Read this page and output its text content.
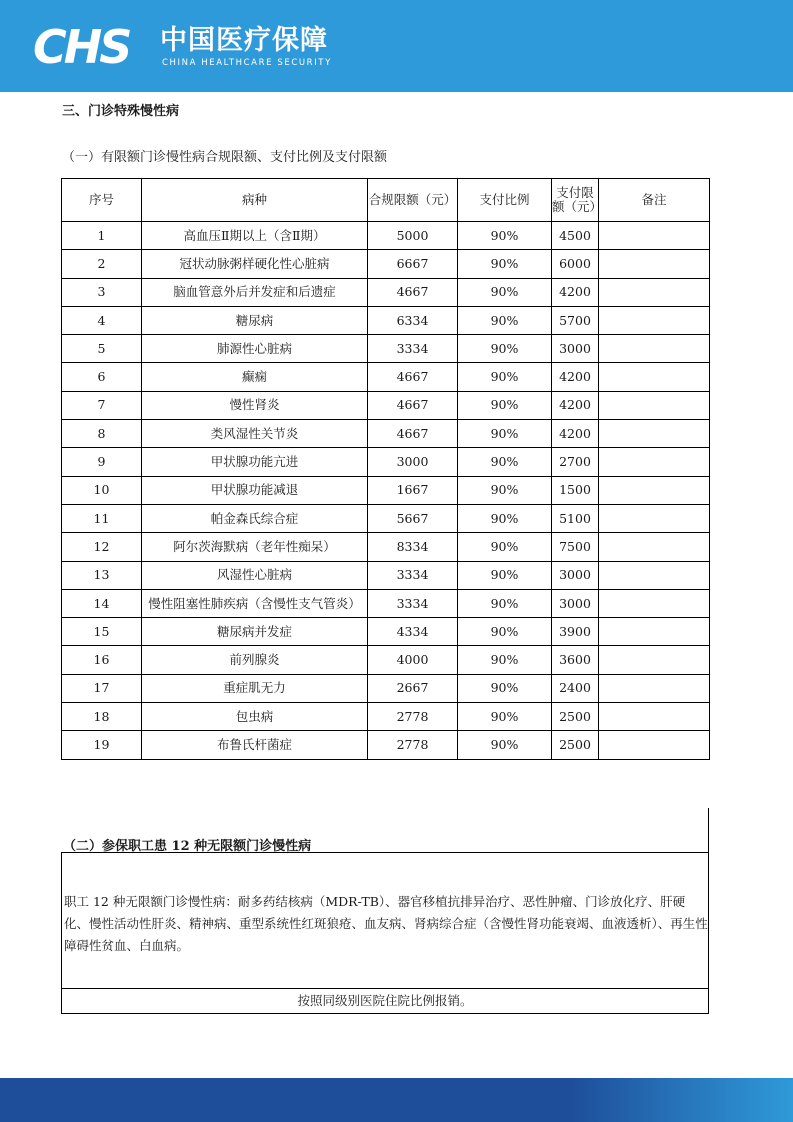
CHS 中国医疗保障
CHINA HEALTHCARE SECURITY
三、门诊特殊慢性病
（一）有限额门诊慢性病合规限额、支付比例及支付限额
序号	病种	合规限额（元）	支付比例	支付限额（元）	备注
1	高血压Ⅱ期以上（含Ⅱ期）	5000	90%	4500	
2	冠状动脉粥样硬化性心脏病	6667	90%	6000	
3	脑血管意外后并发症和后遗症	4667	90%	4200	
4	糖尿病	6334	90%	5700	
5	肺源性心脏病	3334	90%	3000	
6	癫痫	4667	90%	4200	
7	慢性肾炎	4667	90%	4200	
8	类风湿性关节炎	4667	90%	4200	
9	甲状腺功能亢进	3000	90%	2700	
10	甲状腺功能减退	1667	90%	1500	
11	帕金森氏综合症	5667	90%	5100	
12	阿尔茨海默病（老年性痴呆）	8334	90%	7500	
13	风湿性心脏病	3334	90%	3000	
14	慢性阻塞性肺疾病（含慢性支气管炎）	3334	90%	3000	
15	糖尿病并发症	4334	90%	3900	
16	前列腺炎	4000	90%	3600	
17	重症肌无力	2667	90%	2400	
18	包虫病	2778	90%	2500	
19	布鲁氏杆菌症	2778	90%	2500	
（二）参保职工患 12 种无限额门诊慢性病

职工 12 种无限额门诊慢性病：耐多药结核病（MDR-TB）、器官移植抗排异治疗、恶性肿瘤、门诊放化疗、肝硬化、慢性活动性肝炎、精神病、重型系统性红斑狼疮、血友病、肾病综合症（含慢性肾功能衰竭、血液透析）、再生性障碍性贫血、白血病。

按照同级别医院住院比例报销。
